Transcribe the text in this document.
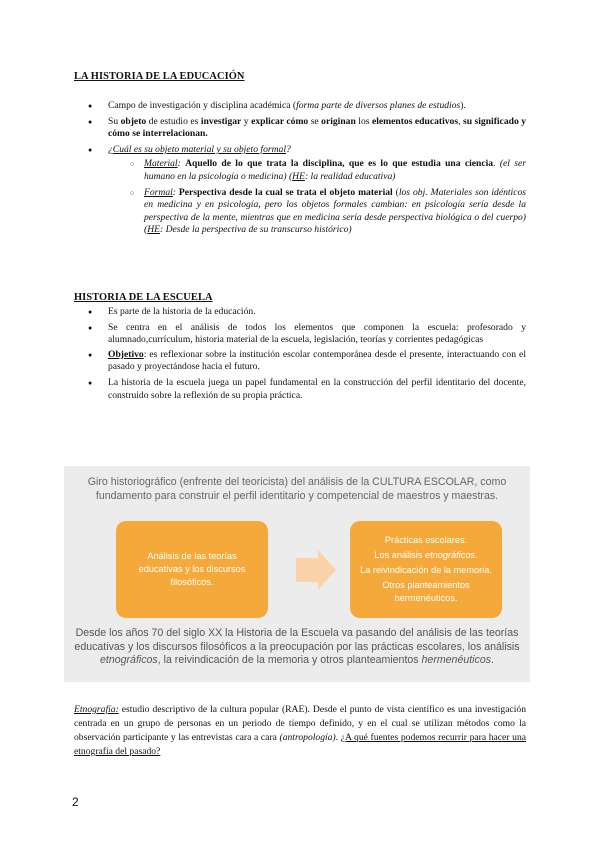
LA HISTORIA DE LA EDUCACIÓN
● Campo de investigación y disciplina académica (forma parte de diversos planes de estudios).
● Su objeto de estudio es investigar y explicar cómo se originan los elementos educativos, su significado y cómo se interrelacionan.
● ¿Cuál es su objeto material y su objeto formal?
○ Material: Aquello de lo que trata la disciplina, que es lo que estudia una ciencia. (el ser humano en la psicología o medicina) (HE: la realidad educativa)
○ Formal: Perspectiva desde la cual se trata el objeto material (los obj. Materiales son idénticos en medicina y en psicología, pero los objetos formales cambian: en psicología sería desde la perspectiva de la mente, mientras que en medicina sería desde perspectiva biológica o del cuerpo) (HE: Desde la perspectiva de su transcurso histórico)
HISTORIA DE LA ESCUELA
● Es parte de la historia de la educación.
● Se centra en el análisis de todos los elementos que componen la escuela: profesorado y alumnado,currículum, historia material de la escuela, legislación, teorías y corrientes pedagógicas
● Objetivo: es reflexionar sobre la institución escolar contemporánea desde el presente, interactuando con el pasado y proyectándose hacia el futuro.
● La historia de la escuela juega un papel fundamental en la construcción del perfil identitario del docente, construido sobre la reflexión de su propia práctica.
Giro historiográfico (enfrente del teoricista) del análisis de la CULTURA ESCOLAR, como fundamento para construir el perfil identitario y competencial de maestros y maestras.
Análisis de las teorías educativas y los discursos filosóficos.
Prácticas escolares.
Los análisis etnográficos.
La reivindicación de la memoria.
Otros planteamientos hermenéuticos.
Desde los años 70 del siglo XX la Historia de la Escuela va pasando del análisis de las teorías educativas y los discursos filosóficos a la preocupación por las prácticas escolares, los análisis etnográficos, la reivindicación de la memoria y otros planteamientos hermenéuticos.

Etnografía: estudio descriptivo de la cultura popular (RAE). Desde el punto de vista científico es una investigación centrada en un grupo de personas en un periodo de tiempo definido, y en el cual se utilizan métodos como la observación participante y las entrevistas cara a cara (antropología). ¿A qué fuentes podemos recurrir para hacer una etnografía del pasado?

2
